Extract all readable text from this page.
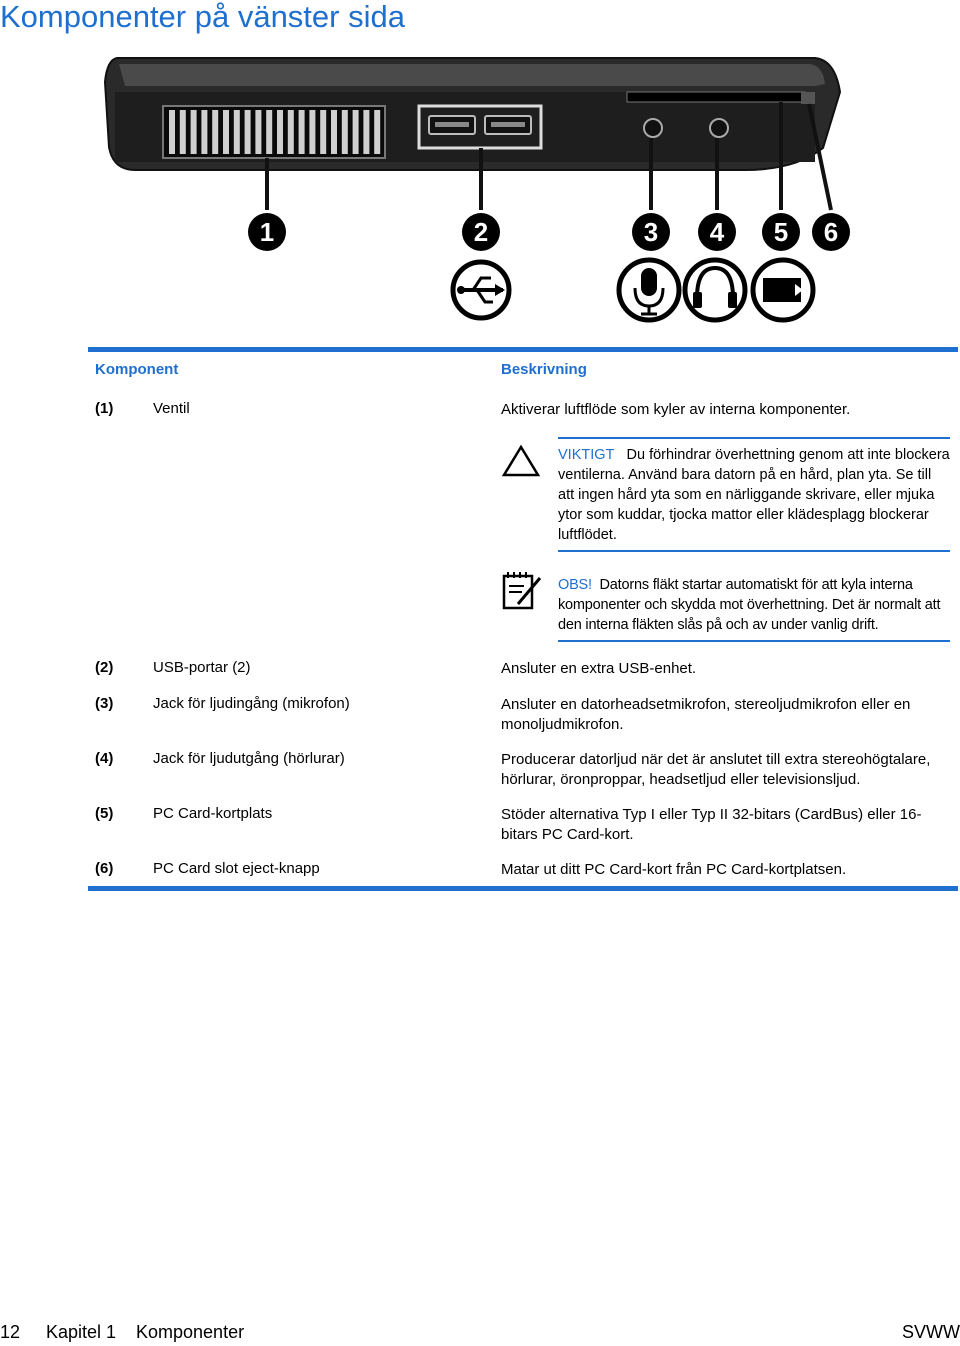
Komponenter på vänster sida
1	2	3 4 5 6
Komponent	Beskrivning
(1)	Ventil	Aktiverar luftflöde som kyler av interna komponenter.
VIKTIGT Du förhindrar överhettning genom att inte blockera ventilerna. Använd bara datorn på en hård, plan yta. Se till att ingen hård yta som en närliggande skrivare, eller mjuka ytor som kuddar, tjocka mattor eller klädesplagg blockerar luftflödet.
OBS! Datorns fläkt startar automatiskt för att kyla interna komponenter och skydda mot överhettning. Det är normalt att den interna fläkten slås på och av under vanlig drift.
(2)	USB-portar (2)	Ansluter en extra USB-enhet.
(3)	Jack för ljudingång (mikrofon)	Ansluter en datorheadsetmikrofon, stereoljudmikrofon eller en monoljudmikrofon.
(4)	Jack för ljudutgång (hörlurar)	Producerar datorljud när det är anslutet till extra stereohögtalare, hörlurar, öronproppar, headsetljud eller televisionsljud.
(5)	PC Card-kortplats	Stöder alternativa Typ I eller Typ II 32-bitars (CardBus) eller 16-bitars PC Card-kort.
(6)	PC Card slot eject-knapp	Matar ut ditt PC Card-kort från PC Card-kortplatsen.
12 Kapitel 1 Komponenter	SVWW
